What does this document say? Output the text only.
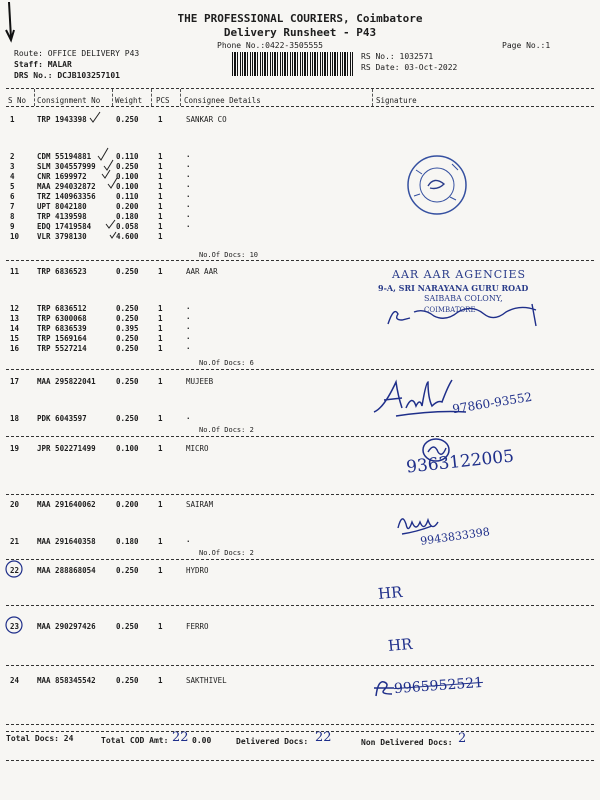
THE PROFESSIONAL COURIERS, Coimbatore
Delivery Runsheet - P43
Phone No.:0422-3505555	Page No.:1
Route: OFFICE DELIVERY P43
Staff: MALAR
DRS No.: DCJB103257101
RS No.: 1032571
RS Date: 03-Oct-2022
S No Consignment No Weight PCS Consignee Details	Signature
1	TRP 1943398	0.250	1	SANKAR CO
2	CDM 55194881	0.110	1	.
3	SLM 304557999	0.250	1	.
4	CNR 1699972	0.100	1	.
5	MAA 294032872	0.100	1	.
6	TRZ 140963356	0.110	1	.
7	UPT 8042180	0.200	1	.
8	TRP 4139598	0.180	1	.
9	EDQ 17419584	0.058	1	.
10 VLR 3798130	4.600	1
No.Of Docs: 10
11 TRP 6836523	0.250	1	AAR AAR
12 TRP 6836512	0.250	1	.
13 TRP 6300068	0.250	1	.
14 TRP 6836539	0.395	1	.
15 TRP 1569164	0.250	1	.
16 TRP 5527214	0.250	1	.
No.Of Docs: 6
AAR AAR AGENCIES
9-A, SRI NARAYANA GURU ROAD
SAIBABA COLONY,
COIMBATORE
17 MAA 295822041	0.250	1	MUJEEB
18 PDK 6043597	0.250	1	.
No.Of Docs: 2
97860-93552
19 JPR 502271499	0.100	1	MICRO	9363122005
20 MAA 291640062	0.200	1	SAIRAM
21 MAA 291640358	0.180	1	.
No.Of Docs: 2
9943833398
22 MAA 288868054	0.250	1	HYDRO
HR
23 MAA 290297426	0.250	1	FERRO
HR
24 MAA 858345542	0.250	1	SAKTHIVEL	9965952521
Total Docs: 24	Total COD Amt: 22 0.00	Delivered Docs: 22	Non Delivered Docs: 2
